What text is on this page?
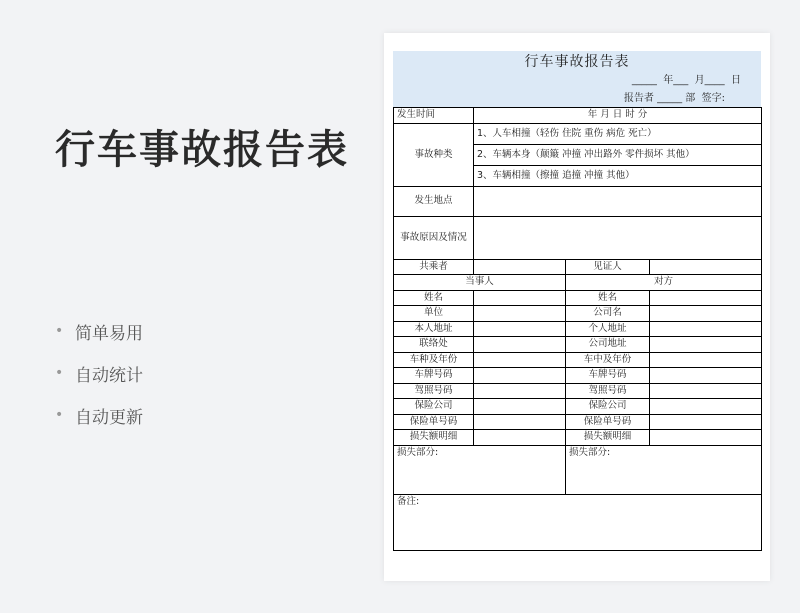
行车事故报告表
• 简单易用
• 自动统计
• 自动更新
行车事故报告表
_____  年___  月____  日
报告者 _____ 部  签字:
发生时间	年 月 日 时 分		
事故种类	1、人车相撞（轻伤 住院 重伤 病危 死亡）		
	2、车辆本身（颠簸 冲撞 冲出路外 零件损坏 其他）		
	3、车辆相撞（擦撞 追撞 冲撞 其他）		
发生地点			
事故原因及情况			
共乘者		见证人	
当事人		对方	
姓名		姓名	
单位		公司名	
本人地址		个人地址	
联络处		公司地址	
车种及年份		车中及年份	
车牌号码		车牌号码	
驾照号码		驾照号码	
保险公司		保险公司	
保险单号码		保险单号码	
损失额明细		损失额明细	
损失部分:		损失部分:	
备注:			
